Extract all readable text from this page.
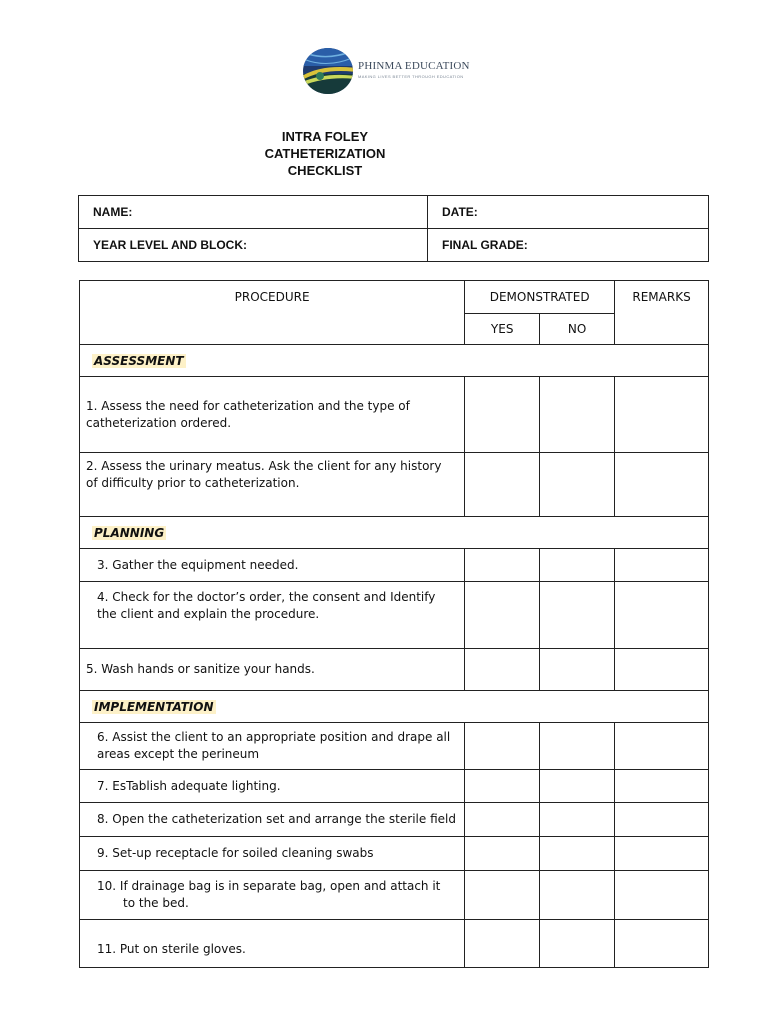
PHINMA EDUCATION
MAKING LIVES BETTER THROUGH EDUCATION
INTRA FOLEY
CATHETERIZATION
CHECKLIST
NAME:	DATE:
YEAR LEVEL AND BLOCK:	FINAL GRADE:
PROCEDURE	DEMONSTRATED		REMARKS
	YES	NO	
ASSESSMENT			
1. Assess the need for catheterization and the type of catheterization ordered.			
2. Assess the urinary meatus. Ask the client for any history of difficulty prior to catheterization.			
PLANNING			
3. Gather the equipment needed.			
4. Check for the doctor’s order, the consent and Identify the client and explain the procedure.			
5. Wash hands or sanitize your hands.			
IMPLEMENTATION			
6. Assist the client to an appropriate position and drape all areas except the perineum			
7. EsTablish adequate lighting.			
8. Open the catheterization set and arrange the sterile field			
9. Set-up receptacle for soiled cleaning swabs			
10. If drainage bag is in separate bag, open and attach it
to the bed.			

11. Put on sterile gloves.			
